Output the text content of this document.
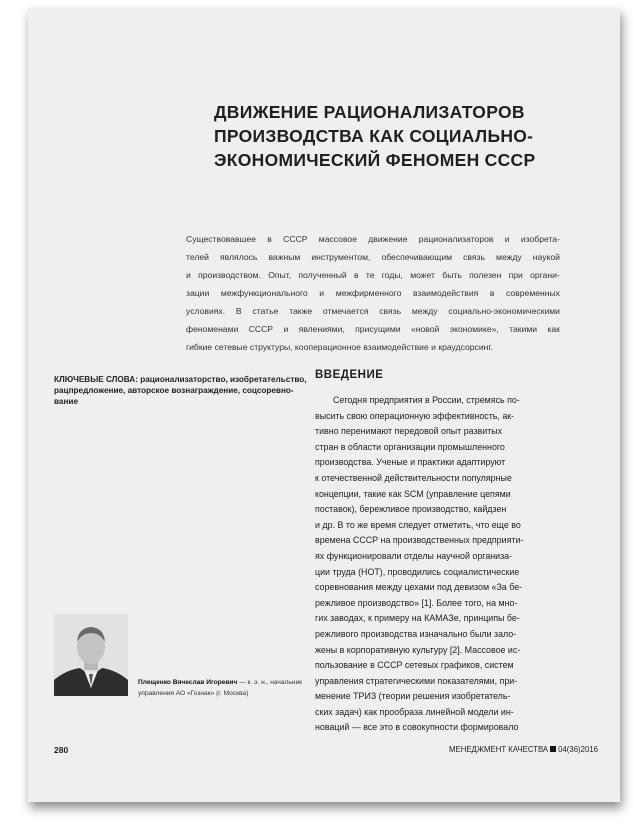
ДВИЖЕНИЕ РАЦИОНАЛИЗАТОРОВ
ПРОИЗВОДСТВА КАК СОЦИАЛЬНО-
ЭКОНОМИЧЕСКИЙ ФЕНОМЕН СССР
Существовавшее в СССР массовое движение рационализаторов и изобрета-
телей являлось важным инструментом, обеспечивающим связь между наукой
и производством. Опыт, полученный в те годы, может быть полезен при органи-
зации межфункционального и межфирменного взаимодействия в современных
условиях. В статье также отмечается связь между социально-экономическими
феноменами СССР и явлениями, присущими «новой экономике», такими как
гибкие сетевые структуры, кооперационное взаимодействие и краудсорсинг.
КЛЮЧЕВЫЕ СЛОВА: рационализаторство, изобретательство,
рацпредложение, авторское вознаграждение, соцсоревно-
вание
ВВЕДЕНИЕ
Сегодня предприятия в России, стремясь по-
высить свою операционную эффективность, ак-
тивно перенимают передовой опыт развитых
стран в области организации промышленного
производства. Ученые и практики адаптируют
к отечественной действительности популярные
концепции, такие как SCM (управление цепями
поставок), бережливое производство, кайдзен
и др. В то же время следует отметить, что еще во
времена СССР на производственных предприяти-
ях функционировали отделы научной организа-
ции труда (НОТ), проводились социалистические
соревнования между цехами под девизом «За бе-
режливое производство» [1]. Более того, на мно-
гих заводах, к примеру на КАМАЗе, принципы бе-
режливого производства изначально были зало-
жены в корпоративную культуру [2]. Массовое ис-
пользование в СССР сетевых графиков, систем
управления стратегическими показателями, при-
менение ТРИЗ (теории решения изобретатель-
ских задач) как прообраза линейной модели ин-
новаций — все это в совокупности формировало
Плещенко Вячеслав Игоревич — к. э. н., начальник
управления АО «Гознак» (г. Москва)
280	МЕНЕДЖМЕНТ КАЧЕСТВА 04(36)2016
